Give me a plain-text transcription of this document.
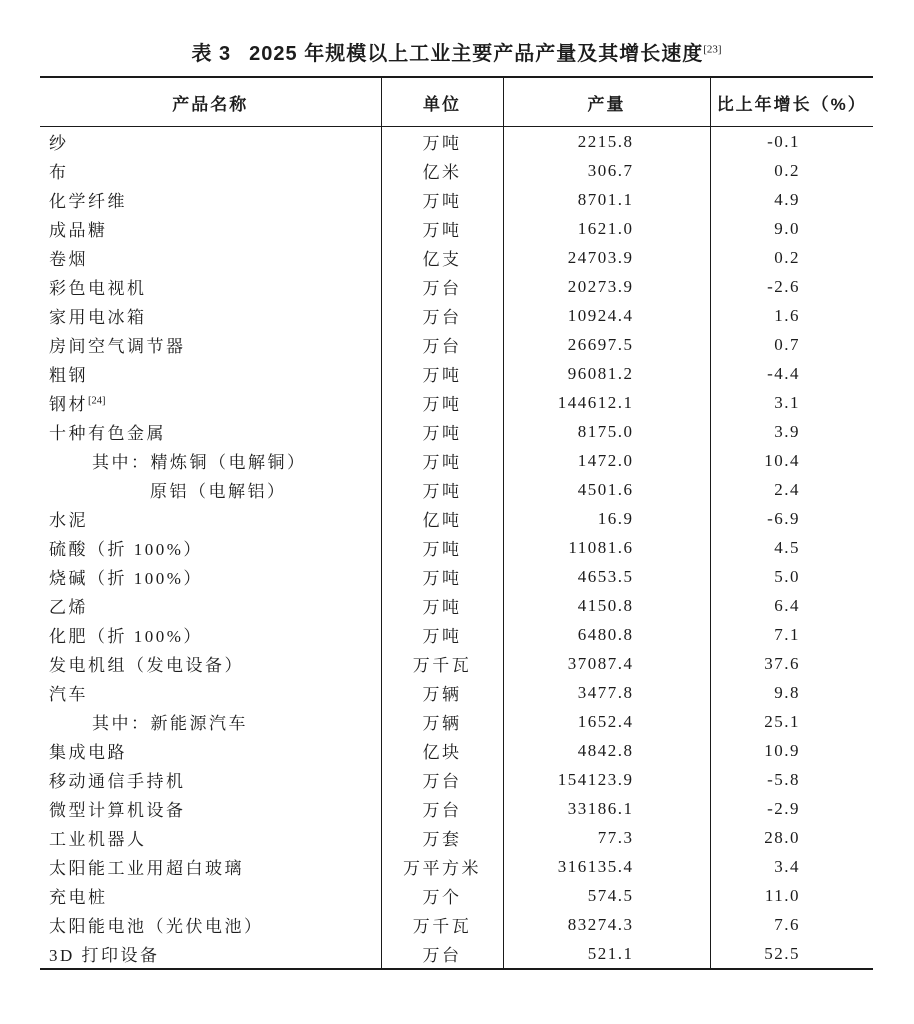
表 3 2025 年规模以上工业主要产品产量及其增长速度[23]
产品名称	单位	产量	比上年增长（%）
纱	万吨	2215.8	-0.1
布	亿米	306.7	0.2
化学纤维	万吨	8701.1	4.9
成品糖	万吨	1621.0	9.0
卷烟	亿支	24703.9	0.2
彩色电视机	万台	20273.9	-2.6
家用电冰箱	万台	10924.4	1.6
房间空气调节器	万台	26697.5	0.7
粗钢	万吨	96081.2	-4.4
钢材[24]	万吨	144612.1	3.1
十种有色金属	万吨	8175.0	3.9
其中：精炼铜（电解铜）	万吨	1472.0	10.4
原铝（电解铝）	万吨	4501.6	2.4
水泥	亿吨	16.9	-6.9
硫酸（折 100%）	万吨	11081.6	4.5
烧碱（折 100%）	万吨	4653.5	5.0
乙烯	万吨	4150.8	6.4
化肥（折 100%）	万吨	6480.8	7.1
发电机组（发电设备）	万千瓦	37087.4	37.6
汽车	万辆	3477.8	9.8
其中：新能源汽车	万辆	1652.4	25.1
集成电路	亿块	4842.8	10.9
移动通信手持机	万台	154123.9	-5.8
微型计算机设备	万台	33186.1	-2.9
工业机器人	万套	77.3	28.0
太阳能工业用超白玻璃	万平方米	316135.4	3.4
充电桩	万个	574.5	11.0
太阳能电池（光伏电池）	万千瓦	83274.3	7.6
3D 打印设备	万台	521.1	52.5
